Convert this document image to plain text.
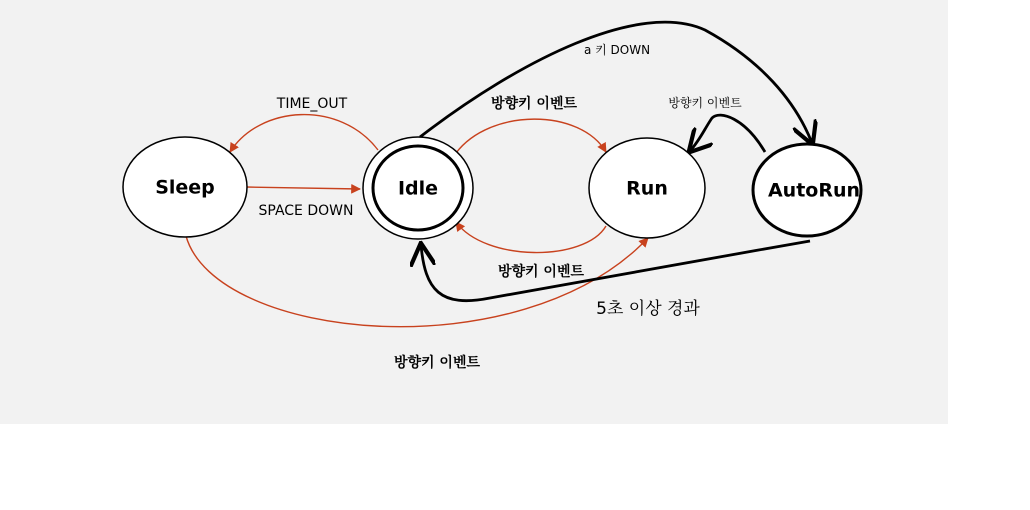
Sleep	Idle	Run	AutoRun
TIME_OUT
SPACE DOWN
방향키 이벤트
방향키 이벤트
방향키 이벤트
a 키 DOWN
방향키 이벤트
5초 이상 경과
